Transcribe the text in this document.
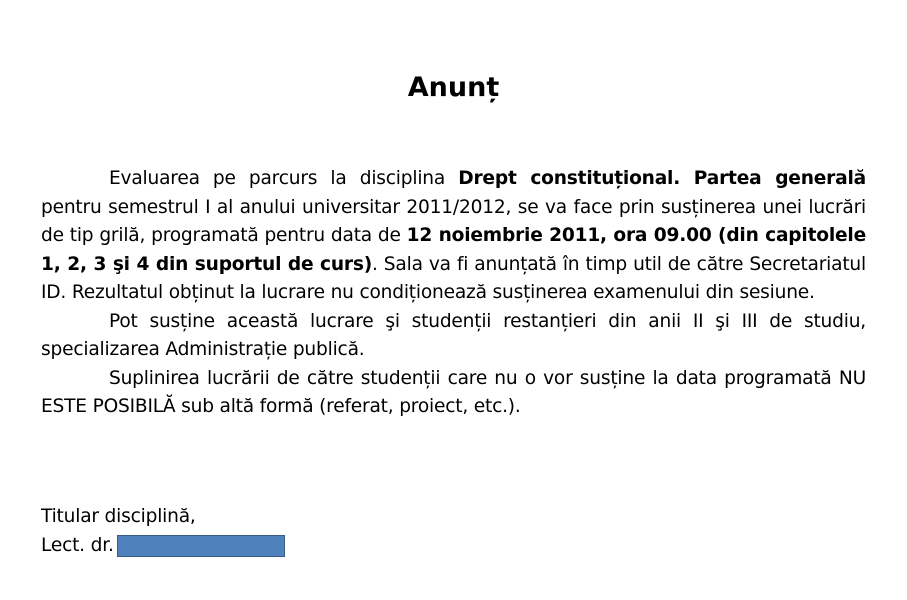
Anunț

Evaluarea pe parcurs la disciplina Drept constituțional. Partea generală pentru semestrul I al anului universitar 2011/2012, se va face prin susținerea unei lucrări de tip grilă, programată pentru data de 12 noiembrie 2011, ora 09.00 (din capitolele 1, 2, 3 şi 4 din suportul de curs). Sala va fi anunțată în timp util de către Secretariatul ID. Rezultatul obținut la lucrare nu condiționează susținerea examenului din sesiune.

Pot susține această lucrare şi studenții restanțieri din anii II şi III de studiu, specializarea Administrație publică.

Suplinirea lucrării de către studenții care nu o vor susține la data programată NU ESTE POSIBILĂ sub altă formă (referat, proiect, etc.).

Titular disciplină,
Lect. dr.
